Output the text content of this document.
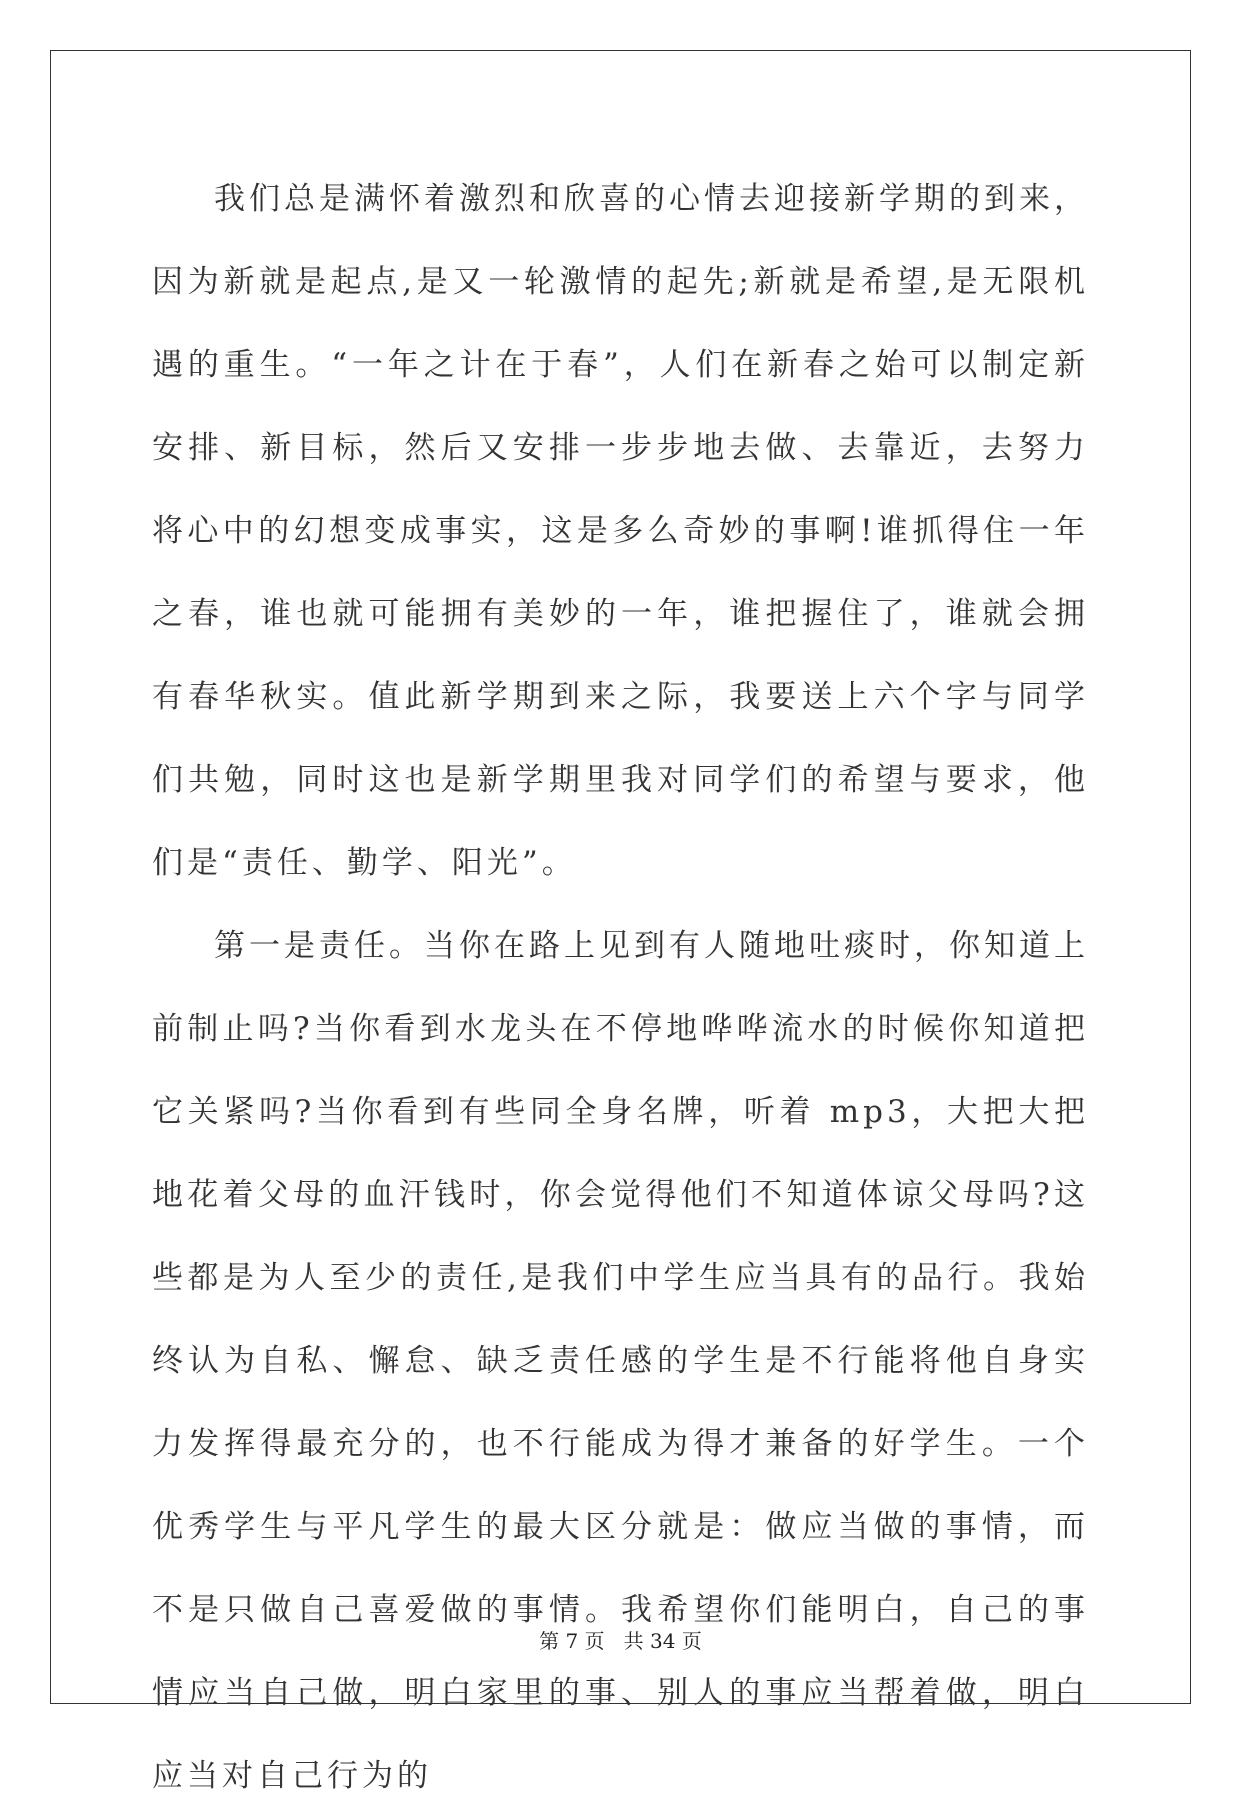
我们总是满怀着激烈和欣喜的心情去迎接新学期的到来，因为新就是起点,是又一轮激情的起先;新就是希望,是无限机遇的重生。“一年之计在于春”，人们在新春之始可以制定新安排、新目标，然后又安排一步步地去做、去靠近，去努力将心中的幻想变成事实，这是多么奇妙的事啊!谁抓得住一年之春，谁也就可能拥有美妙的一年，谁把握住了，谁就会拥有春华秋实。值此新学期到来之际，我要送上六个字与同学们共勉，同时这也是新学期里我对同学们的希望与要求，他们是“责任、勤学、阳光”。

第一是责任。当你在路上见到有人随地吐痰时，你知道上前制止吗?当你看到水龙头在不停地哗哗流水的时候你知道把它关紧吗?当你看到有些同全身名牌，听着 mp3，大把大把地花着父母的血汗钱时，你会觉得他们不知道体谅父母吗?这些都是为人至少的责任,是我们中学生应当具有的品行。我始终认为自私、懈怠、缺乏责任感的学生是不行能将他自身实力发挥得最充分的，也不行能成为得才兼备的好学生。一个优秀学生与平凡学生的最大区分就是：做应当做的事情，而不是只做自己喜爱做的事情。我希望你们能明白，自己的事情应当自己做，明白家里的事、别人的事应当帮着做，明白应当对自己行为的

第 7 页 共 34 页
